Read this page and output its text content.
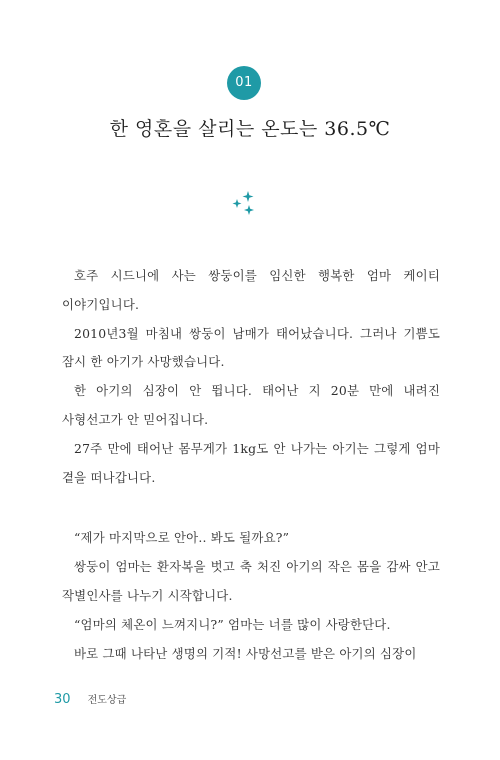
01
한 영혼을 살리는 온도는 36.5℃

호주 시드니에 사는 쌍둥이를 임신한 행복한 엄마 케이티 이야기입니다.

2010년3월 마침내 쌍둥이 남매가 태어났습니다. 그러나 기쁨도 잠시 한 아기가 사망했습니다.

한 아기의 심장이 안 뜁니다. 태어난 지 20분 만에 내려진 사형선고가 안 믿어집니다.

27주 만에 태어난 몸무게가 1kg도 안 나가는 아기는 그렇게 엄마 곁을 떠나갑니다.

“제가 마지막으로 안아.. 봐도 될까요?”

쌍둥이 엄마는 환자복을 벗고 축 처진 아기의 작은 몸을 감싸 안고 작별인사를 나누기 시작합니다.

“엄마의 체온이 느껴지니?” 엄마는 너를 많이 사랑한단다.

바로 그때 나타난 생명의 기적! 사망선고를 받은 아기의 심장이

30 전도상급
